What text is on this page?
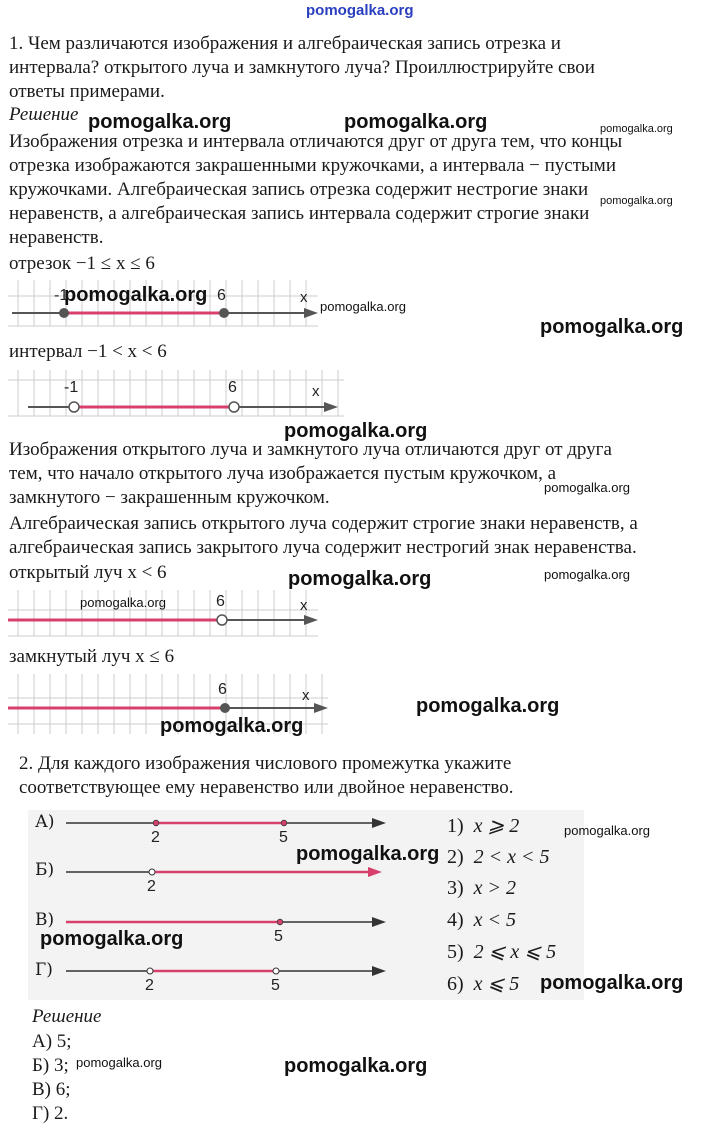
pomogalka.org
1. Чем различаются изображения и алгебраическая запись отрезка и
интервала? открытого луча и замкнутого луча? Проиллюстрируйте свои
ответы примерами.
Решение
Изображения отрезка и интервала отличаются друг от друга тем, что концы
отрезка изображаются закрашенными кружочками, а интервала − пустыми
кружочками. Алгебраическая запись отрезка содержит нестрогие знаки
неравенств, а алгебраическая запись интервала содержит строгие знаки
неравенств.
отрезок −1 ≤ x ≤ 6
-1	6	x
интервал −1 < x < 6
-1	6	x
Изображения открытого луча и замкнутого луча отличаются друг от друга
тем, что начало открытого луча изображается пустым кружочком, а
замкнутого − закрашенным кружочком.
Алгебраическая запись открытого луча содержит строгие знаки неравенств, а
алгебраическая запись закрытого луча содержит нестрогий знак неравенства.
открытый луч x < 6
6	x
замкнутый луч x ≤ 6
6	x
2. Для каждого изображения числового промежутка укажите
соответствующее ему неравенство или двойное неравенство.
А)
2	5
Б)
2
В)
5
Г)
2	5
1) x ⩾ 2
2) 2 < x < 5
3) x > 2
4) x < 5
5) 2 ⩽ x ⩽ 5
6) x ⩽ 5
Решение
А) 5;
Б) 3;
В) 6;
Г) 2.
pomogalka.org	pomogalka.org	pomogalka.org
pomogalka.org
pomogalka.org
pomogalka.org
pomogalka.org
pomogalka.org
pomogalka.org
pomogalka.org	pomogalka.org
pomogalka.org
pomogalka.org
pomogalka.org
pomogalka.org
pomogalka.org
pomogalka.org
pomogalka.org
pomogalka.org	pomogalka.org
